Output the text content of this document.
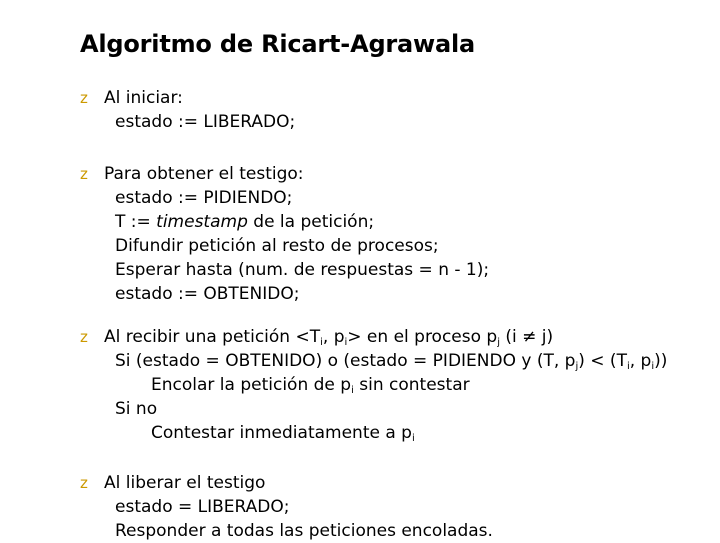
Algoritmo de Ricart-Agrawala
z Al iniciar:
estado := LIBERADO;
z Para obtener el testigo:
estado := PIDIENDO;
T := timestamp de la petición;
Difundir petición al resto de procesos;
Esperar hasta (num. de respuestas = n - 1);
estado := OBTENIDO;
z Al recibir una petición $<T_i$, $p_i>$ en el proceso $p_j$ (i ≠ j)
Si (estado = OBTENIDO) o (estado = PIDIENDO y (T, $p_j) < (T_i$, $p_i$))
Encolar la petición de $p_i$ sin contestar
Si no
Contestar inmediatamente a $p_i$
z Al liberar el testigo
estado = LIBERADO;
Responder a todas las peticiones encoladas.
